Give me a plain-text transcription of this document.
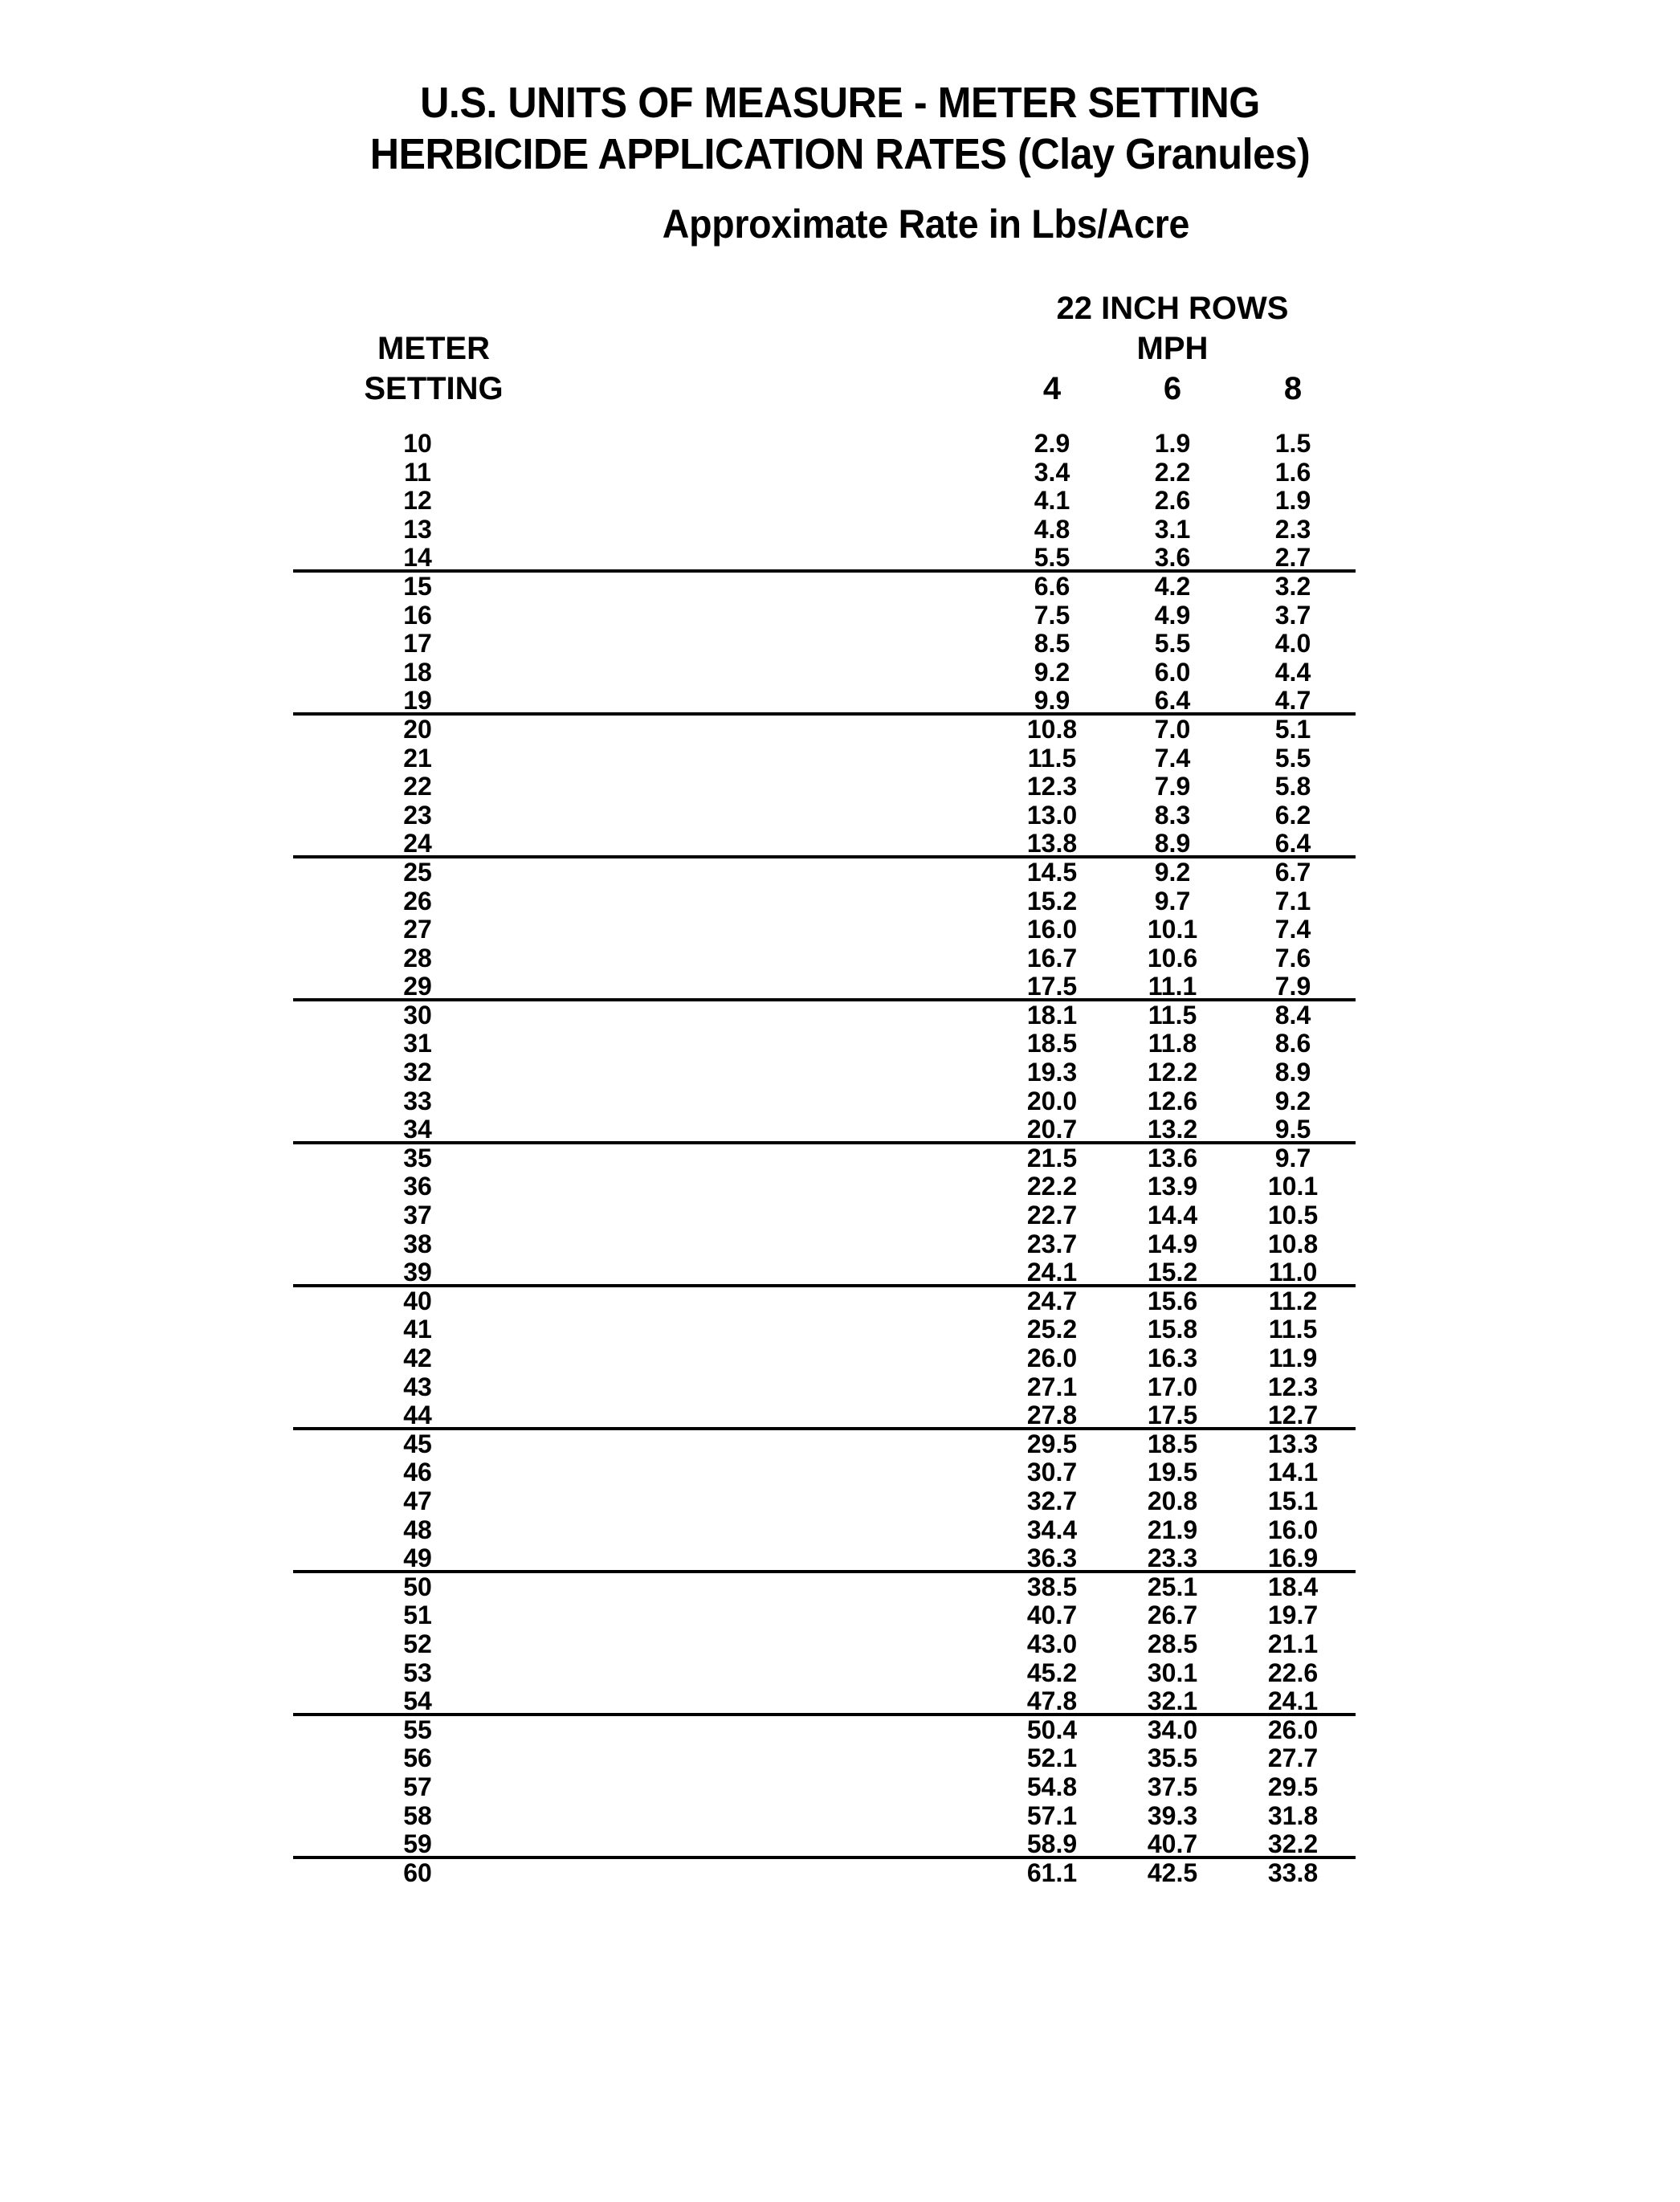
U.S. UNITS OF MEASURE - METER SETTING
HERBICIDE APPLICATION RATES (Clay Granules)
Approximate Rate in Lbs/Acre
22 INCH ROWS
MPH
METER
SETTING	4	6	8
10	2.9	1.9	1.5
11	3.4	2.2	1.6
12	4.1	2.6	1.9
13	4.8	3.1	2.3
14	5.5	3.6	2.7
15	6.6	4.2	3.2
16	7.5	4.9	3.7
17	8.5	5.5	4.0
18	9.2	6.0	4.4
19	9.9	6.4	4.7
20	10.8	7.0	5.1
21	11.5	7.4	5.5
22	12.3	7.9	5.8
23	13.0	8.3	6.2
24	13.8	8.9	6.4
25	14.5	9.2	6.7
26	15.2	9.7	7.1
27	16.0	10.1	7.4
28	16.7	10.6	7.6
29	17.5	11.1	7.9
30	18.1	11.5	8.4
31	18.5	11.8	8.6
32	19.3	12.2	8.9
33	20.0	12.6	9.2
34	20.7	13.2	9.5
35	21.5	13.6	9.7
36	22.2	13.9	10.1
37	22.7	14.4	10.5
38	23.7	14.9	10.8
39	24.1	15.2	11.0
40	24.7	15.6	11.2
41	25.2	15.8	11.5
42	26.0	16.3	11.9
43	27.1	17.0	12.3
44	27.8	17.5	12.7
45	29.5	18.5	13.3
46	30.7	19.5	14.1
47	32.7	20.8	15.1
48	34.4	21.9	16.0
49	36.3	23.3	16.9
50	38.5	25.1	18.4
51	40.7	26.7	19.7
52	43.0	28.5	21.1
53	45.2	30.1	22.6
54	47.8	32.1	24.1
55	50.4	34.0	26.0
56	52.1	35.5	27.7
57	54.8	37.5	29.5
58	57.1	39.3	31.8
59	58.9	40.7	32.2
60	61.1	42.5	33.8
